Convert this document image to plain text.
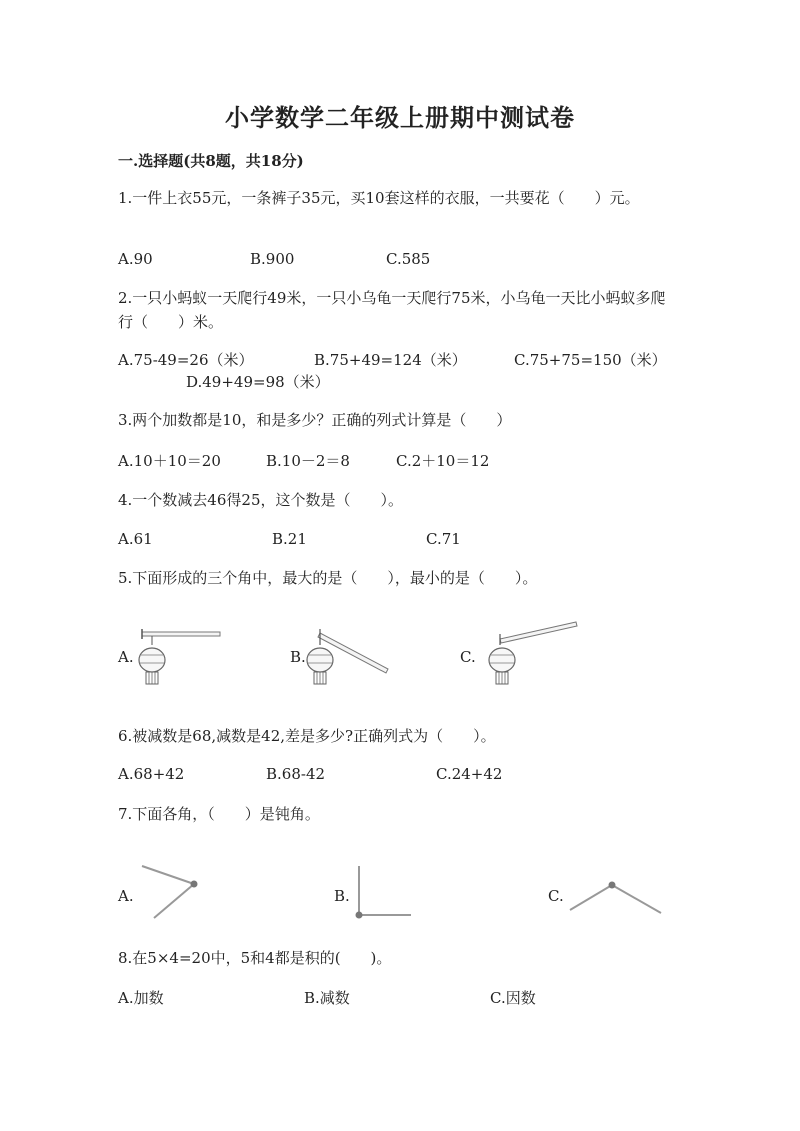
小学数学二年级上册期中测试卷
一.选择题(共8题，共18分)
1.一件上衣55元，一条裤子35元，买10套这样的衣服，一共要花（　　）元。
A.90	B.900	C.585
2.一只小蚂蚁一天爬行49米，一只小乌龟一天爬行75米，小乌龟一天比小蚂蚁多爬行（　　）米。
A.75-49=26（米）	B.75+49=124（米）	C.75+75=150（米）
D.49+49=98（米）
3.两个加数都是10，和是多少？正确的列式计算是（　　）
A.10＋10＝20	B.10－2＝8	C.2＋10＝12
4.一个数减去46得25，这个数是（　　）。
A.61	B.21	C.71
5.下面形成的三个角中，最大的是（　　），最小的是（　　）。
A.	B.	C.
6.被减数是68,减数是42,差是多少?正确列式为（　　）。
A.68+42	B.68-42	C.24+42
7.下面各角，（　　）是钝角。
A.	B.	C.
8.在5×4=20中，5和4都是积的(　　)。
A.加数	B.减数	C.因数
